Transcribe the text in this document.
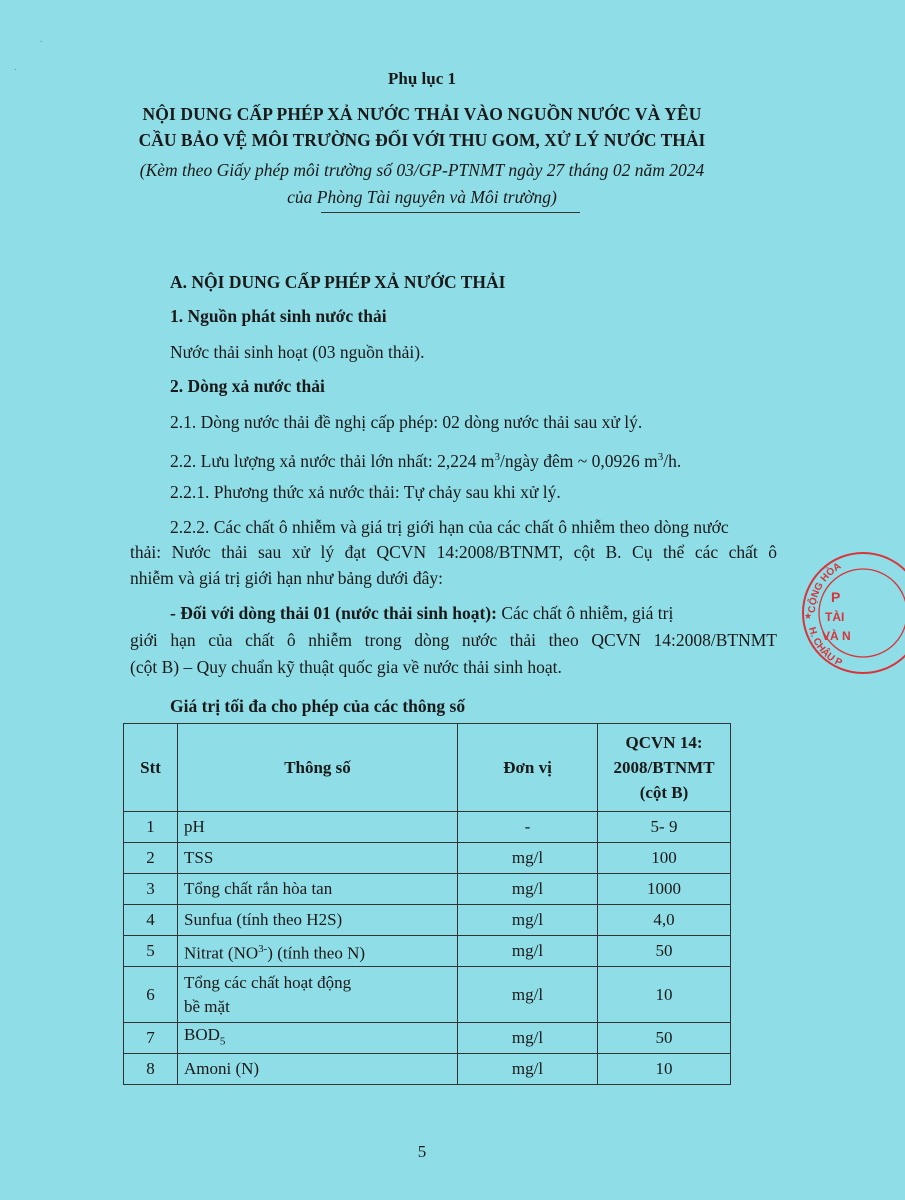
.
.
Phụ lục 1
NỘI DUNG CẤP PHÉP XẢ NƯỚC THẢI VÀO NGUỒN NƯỚC VÀ YÊU
CẦU BẢO VỆ MÔI TRƯỜNG ĐỐI VỚI THU GOM, XỬ LÝ NƯỚC THẢI
(Kèm theo Giấy phép môi trường số 03/GP-PTNMT ngày 27 tháng 02 năm 2024
của Phòng Tài nguyên và Môi trường)
A. NỘI DUNG CẤP PHÉP XẢ NƯỚC THẢI
1. Nguồn phát sinh nước thải
Nước thải sinh hoạt (03 nguồn thải).
2. Dòng xả nước thải
2.1. Dòng nước thải đề nghị cấp phép: 02 dòng nước thải sau xử lý.
2.2. Lưu lượng xả nước thải lớn nhất: 2,224 $m^3$/ngày đêm ~ 0,0926 $m^3/h$.
2.2.1. Phương thức xả nước thải: Tự chảy sau khi xử lý.
2.2.2. Các chất ô nhiễm và giá trị giới hạn của các chất ô nhiễm theo dòng nước
thải: Nước thải sau xử lý đạt QCVN 14:2008/BTNMT, cột B. Cụ thể các chất ô
nhiễm và giá trị giới hạn như bảng dưới đây:
- Đối với dòng thải 01 (nước thải sinh hoạt): Các chất ô nhiễm, giá trị
giới hạn của chất ô nhiễm trong dòng nước thải theo QCVN 14:2008/BTNMT
(cột B) – Quy chuẩn kỹ thuật quốc gia về nước thải sinh hoạt.
Giá trị tối đa cho phép của các thông số
Stt	Thông số	Đơn vị	QCVN 14:
2008/BTNMT
(cột B)

1	pH	-	5- 9
2	TSS	mg/l	100
3	Tổng chất rắn hòa tan	mg/l	1000
4	Sunfua (tính theo H2S)	mg/l	4,0
5	Nitrat $(NO^{3-})$ (tính theo N)	mg/l	50
6	Tổng các chất hoạt động
bề mặt	mg/l	10
7	$BOD_5$	mg/l	50
8	Amoni (N)	mg/l	10
CỘNG HÒA
H. CHÂU P
★
P
TÀI
VÀ N
5
